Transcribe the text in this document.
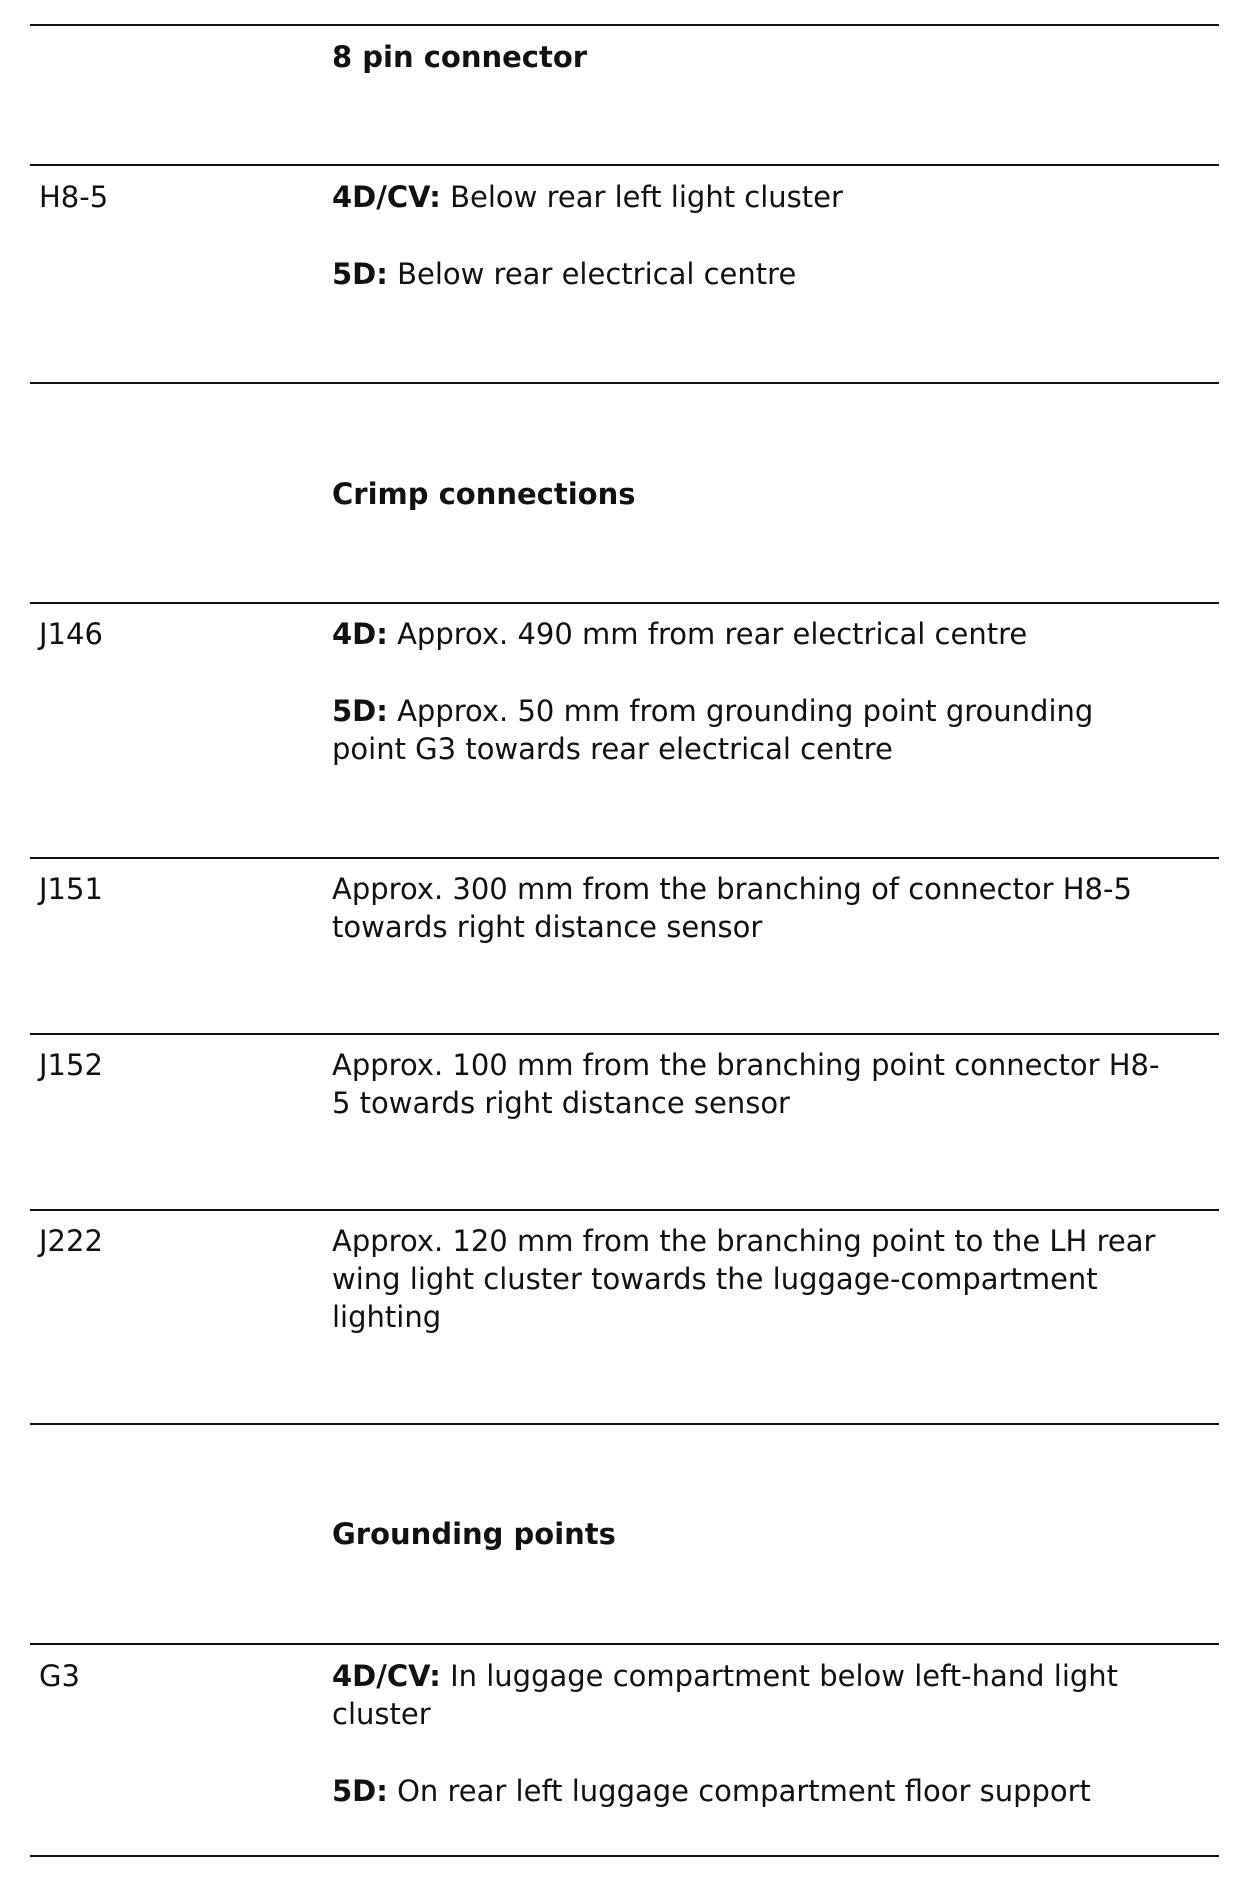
8 pin connector
H8-5	4D/CV: Below rear left light cluster

5D: Below rear electrical centre

Crimp connections
J146	4D: Approx. 490 mm from rear electrical centre

5D: Approx. 50 mm from grounding point grounding
point G3 towards rear electrical centre

J151	Approx. 300 mm from the branching of connector H8-5
towards right distance sensor
J152	Approx. 100 mm from the branching point connector H8-
5 towards right distance sensor
J222	Approx. 120 mm from the branching point to the LH rear
wing light cluster towards the luggage-compartment
lighting
Grounding points
G3	4D/CV: In luggage compartment below left-hand light
cluster

5D: On rear left luggage compartment floor support
